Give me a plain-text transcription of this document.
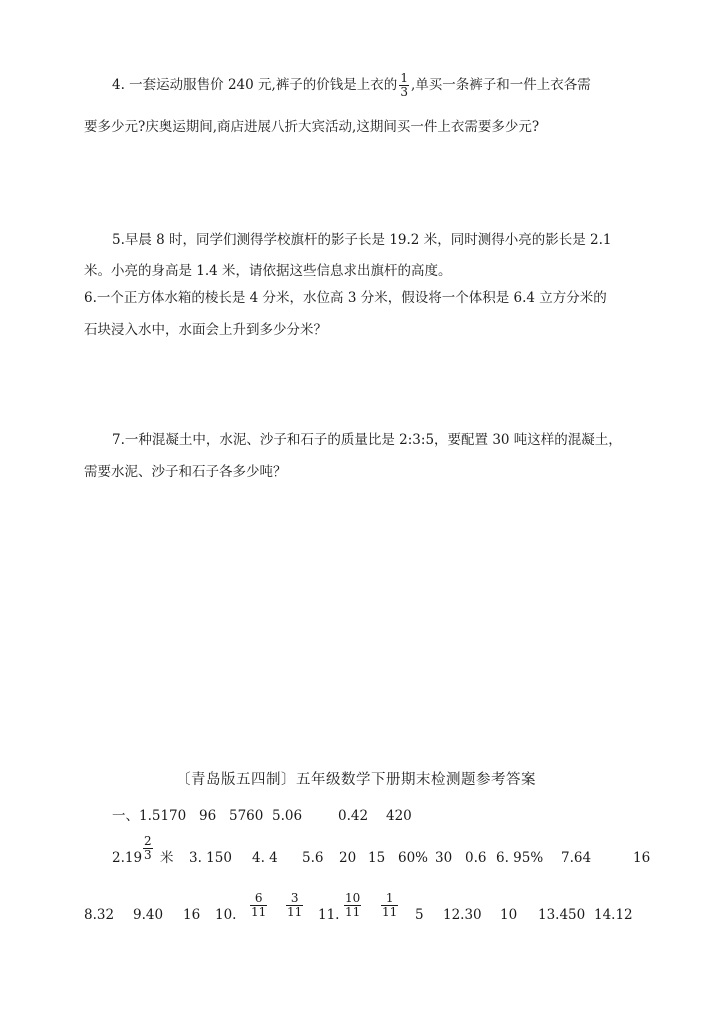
4. 一套运动服售价 240 元,裤子的价钱是上衣的 $\frac{1}{3}$ ,单买一条裤子和一件上衣各需
要多少元?庆奥运期间,商店进展八折大宾活动,这期间买一件上衣需要多少元?
5.早晨 8 时，同学们测得学校旗杆的影子长是 19.2 米，同时测得小亮的影长是 2.1
米。小亮的身高是 1.4 米，请依据这些信息求出旗杆的高度。
6.一个正方体水箱的棱长是 4 分米，水位高 3 分米，假设将一个体积是 6.4 立方分米的
石块浸入水中，水面会上升到多少分米？
7.一种混凝土中，水泥、沙子和石子的质量比是 2:3:5，要配置 30 吨这样的混凝土，
需要水泥、沙子和石子各多少吨？
〔青岛版五四制〕五年级数学下册期末检测题参考答案
一、1.5170 96 5760 5.06	0.42 420
$2.19 \frac{2}{3}$ 米 3. 150 4. 4 5.6 20 15 60% 30 0.6 6. 95% 7.64	16
8.32 9.40 16 10. $\frac{6}{11} \frac{3}{11} 11$. $\frac{10}{11} \frac{1}{11} 5$ 12.30 10 13.450 14.12
